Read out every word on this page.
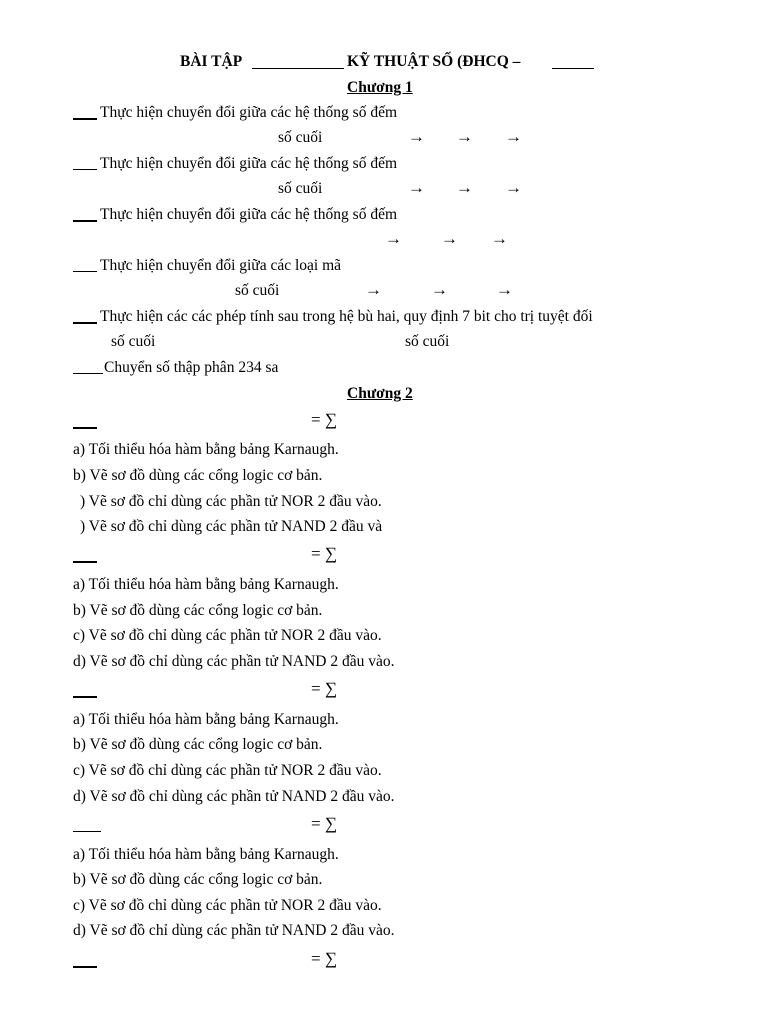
BÀI TẬP	KỸ THUẬT SỐ (ĐHCQ –
Chương 1
Thực hiện chuyển đổi giữa các hệ thống số đếm
số cuối	→ → →
Thực hiện chuyển đổi giữa các hệ thống số đếm
số cuối	→ → →
Thực hiện chuyển đổi giữa các hệ thống số đếm
→ → →
Thực hiện chuyển đổi giữa các loại mã
số cuối	→	→	→
Thực hiện các các phép tính sau trong hệ bù hai, quy định 7 bit cho trị tuyệt đối
số cuối	số cuối
Chuyển số thập phân 234 sa
Chương 2
= ∑
a) Tối thiểu hóa hàm bằng bảng Karnaugh.
b) Vẽ sơ đồ dùng các cổng logic cơ bản.
) Vẽ sơ đồ chỉ dùng các phần tử NOR 2 đầu vào.
) Vẽ sơ đồ chỉ dùng các phần tử NAND 2 đầu và
= ∑
a) Tối thiểu hóa hàm bằng bảng Karnaugh.
b) Vẽ sơ đồ dùng các cổng logic cơ bản.
c) Vẽ sơ đồ chỉ dùng các phần tử NOR 2 đầu vào.
d) Vẽ sơ đồ chỉ dùng các phần tử NAND 2 đầu vào.
= ∑
a) Tối thiểu hóa hàm bằng bảng Karnaugh.
b) Vẽ sơ đồ dùng các cổng logic cơ bản.
c) Vẽ sơ đồ chỉ dùng các phần tử NOR 2 đầu vào.
d) Vẽ sơ đồ chỉ dùng các phần tử NAND 2 đầu vào.
= ∑
a) Tối thiểu hóa hàm bằng bảng Karnaugh.
b) Vẽ sơ đồ dùng các cổng logic cơ bản.
c) Vẽ sơ đồ chỉ dùng các phần tử NOR 2 đầu vào.
d) Vẽ sơ đồ chỉ dùng các phần tử NAND 2 đầu vào.
= ∑
